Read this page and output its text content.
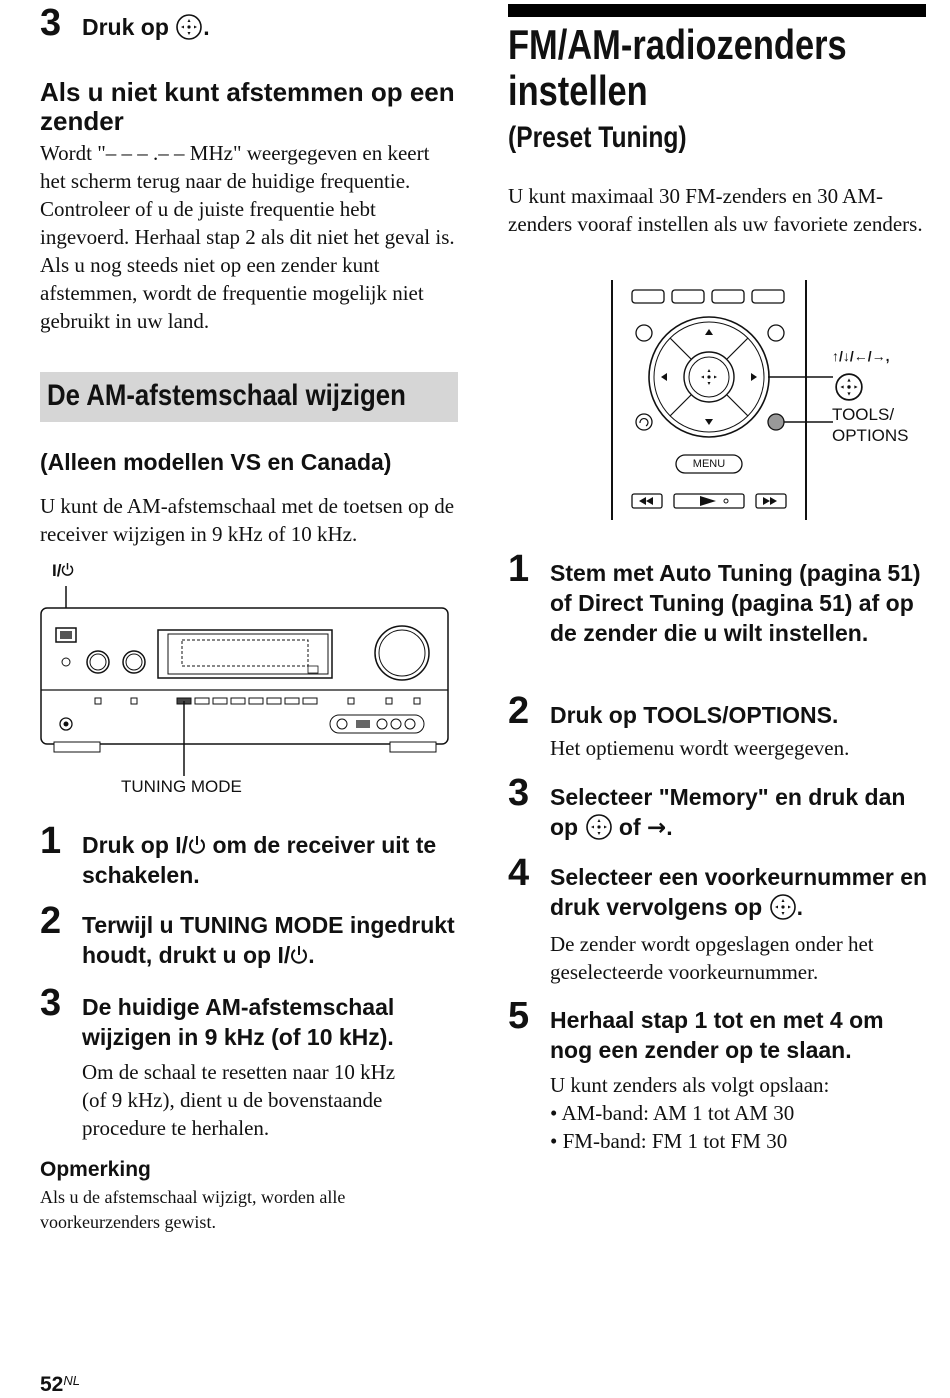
3 Druk op .
Als u niet kunt afstemmen op een zender
Wordt "– – – .– – MHz" weergegeven en keert het scherm terug naar de huidige frequentie. Controleer of u de juiste frequentie hebt ingevoerd. Herhaal stap 2 als dit niet het geval is. Als u nog steeds niet op een zender kunt afstemmen, wordt de frequentie mogelijk niet gebruikt in uw land.
De AM-afstemschaal wijzigen
(Alleen modellen VS en Canada)
U kunt de AM-afstemschaal met de toetsen op de receiver wijzigen in 9 kHz of 10 kHz.
I/
TUNING MODE
1 Druk op I/ om de receiver uit te schakelen.
2 Terwijl u TUNING MODE ingedrukt houdt, drukt u op I/ .
3 De huidige AM-afstemschaal wijzigen in 9 kHz (of 10 kHz).
Om de schaal te resetten naar 10 kHz (of 9 kHz), dient u de bovenstaande procedure te herhalen.
Opmerking
Als u de afstemschaal wijzigt, worden alle voorkeurzenders gewist.
FM/AM-radiozenders
instellen
(Preset Tuning)
U kunt maximaal 30 FM-zenders en 30 AM-zenders vooraf instellen als uw favoriete zenders.
MENU
↑/↓/←/→,
TOOLS/
OPTIONS
1 Stem met Auto Tuning (pagina 51) of Direct Tuning (pagina 51) af op de zender die u wilt instellen.
2 Druk op TOOLS/OPTIONS.
Het optiemenu wordt weergegeven.
3 Selecteer "Memory" en druk dan op of →.
4 Selecteer een voorkeurnummer en druk vervolgens op .
De zender wordt opgeslagen onder het geselecteerde voorkeurnummer.
5 Herhaal stap 1 tot en met 4 om nog een zender op te slaan.
U kunt zenders als volgt opslaan:
• AM-band: AM 1 tot AM 30
• FM-band: FM 1 tot FM 30
$52^{NL}$
